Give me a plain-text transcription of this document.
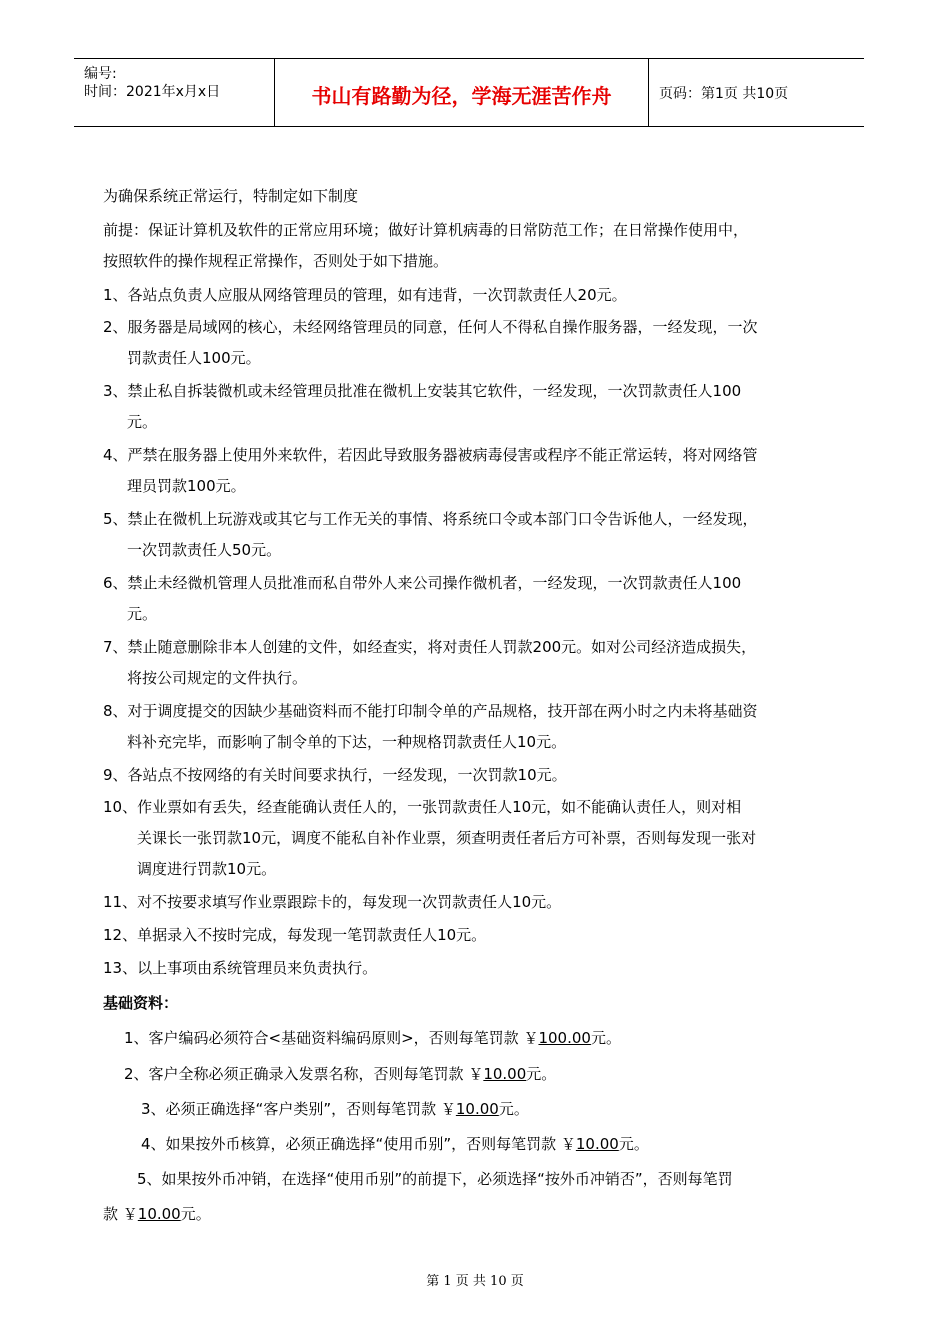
编号:
时间：2021年x月x日	书山有路勤为径，学海无涯苦作舟	页码：第1页 共10页
为确保系统正常运行，特制定如下制度
前提：保证计算机及软件的正常应用环境；做好计算机病毒的日常防范工作；在日常操作使用中，
按照软件的操作规程正常操作，否则处于如下措施。
1、各站点负责人应服从网络管理员的管理，如有违背，一次罚款责任人20元。
2、服务器是局域网的核心，未经网络管理员的同意，任何人不得私自操作服务器，一经发现，一次
罚款责任人100元。
3、禁止私自拆装微机或未经管理员批准在微机上安装其它软件，一经发现，一次罚款责任人100
元。
4、严禁在服务器上使用外来软件，若因此导致服务器被病毒侵害或程序不能正常运转，将对网络管
理员罚款100元。
5、禁止在微机上玩游戏或其它与工作无关的事情、将系统口令或本部门口令告诉他人，一经发现，
一次罚款责任人50元。
6、禁止未经微机管理人员批准而私自带外人来公司操作微机者，一经发现，一次罚款责任人100
元。
7、禁止随意删除非本人创建的文件，如经查实，将对责任人罚款200元。如对公司经济造成损失，
将按公司规定的文件执行。
8、对于调度提交的因缺少基础资料而不能打印制令单的产品规格，技开部在两小时之内未将基础资
料补充完毕，而影响了制令单的下达，一种规格罚款责任人10元。
9、各站点不按网络的有关时间要求执行，一经发现，一次罚款10元。
10、作业票如有丢失，经查能确认责任人的，一张罚款责任人10元，如不能确认责任人，则对相
关课长一张罚款10元，调度不能私自补作业票，须查明责任者后方可补票，否则每发现一张对
调度进行罚款10元。
11、对不按要求填写作业票跟踪卡的，每发现一次罚款责任人10元。
12、单据录入不按时完成，每发现一笔罚款责任人10元。
13、以上事项由系统管理员来负责执行。
基础资料：
1、客户编码必须符合<基础资料编码原则>，否则每笔罚款 ￥100.00元。
2、客户全称必须正确录入发票名称，否则每笔罚款 ￥10.00元。
3、必须正确选择“客户类别”，否则每笔罚款 ￥10.00元。
4、如果按外币核算，必须正确选择“使用币别”，否则每笔罚款 ￥10.00元。
5、如果按外币冲销，在选择“使用币别”的前提下，必须选择“按外币冲销否”，否则每笔罚
款 ￥10.00元。
第 1 页 共 10 页
